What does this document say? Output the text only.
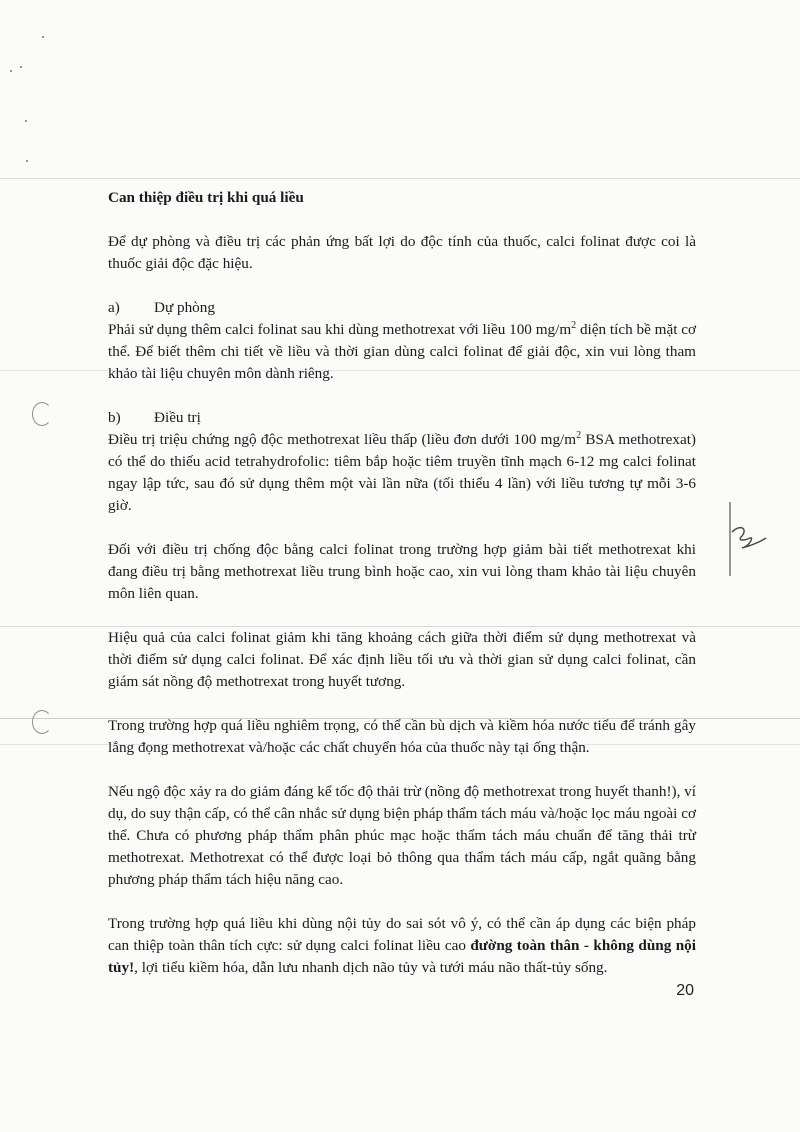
Can thiệp điều trị khi quá liều

Để dự phòng và điều trị các phản ứng bất lợi do độc tính của thuốc, calci folinat được coi là thuốc giải độc đặc hiệu.

a)	Dự phòng

Phải sử dụng thêm calci folinat sau khi dùng methotrexat với liều 100 $mg/m^2$ diện tích bề mặt cơ thể. Để biết thêm chi tiết về liều và thời gian dùng calci folinat để giải độc, xin vui lòng tham khảo tài liệu chuyên môn dành riêng.

b)	Điều trị

Điều trị triệu chứng ngộ độc methotrexat liều thấp (liều đơn dưới 100 $mg/m^2$ BSA methotrexat) có thể do thiếu acid tetrahydrofolic: tiêm bắp hoặc tiêm truyền tĩnh mạch 6-12 mg calci folinat ngay lập tức, sau đó sử dụng thêm một vài lần nữa (tối thiểu 4 lần) với liều tương tự mỗi 3-6 giờ.

Đối với điều trị chống độc bằng calci folinat trong trường hợp giảm bài tiết methotrexat khi đang điều trị bằng methotrexat liều trung bình hoặc cao, xin vui lòng tham khảo tài liệu chuyên môn liên quan.

Hiệu quả của calci folinat giảm khi tăng khoảng cách giữa thời điểm sử dụng methotrexat và thời điểm sử dụng calci folinat. Để xác định liều tối ưu và thời gian sử dụng calci folinat, cần giám sát nồng độ methotrexat trong huyết tương.

Trong trường hợp quá liều nghiêm trọng, có thể cần bù dịch và kiềm hóa nước tiểu để tránh gây lắng đọng methotrexat và/hoặc các chất chuyển hóa của thuốc này tại ống thận.

Nếu ngộ độc xảy ra do giảm đáng kể tốc độ thải trừ (nồng độ methotrexat trong huyết thanh!), ví dụ, do suy thận cấp, có thể cân nhắc sử dụng biện pháp thẩm tách máu và/hoặc lọc máu ngoài cơ thể. Chưa có phương pháp thẩm phân phúc mạc hoặc thẩm tách máu chuẩn để tăng thải trừ methotrexat. Methotrexat có thể được loại bỏ thông qua thẩm tách máu cấp, ngắt quãng bằng phương pháp thẩm tách hiệu năng cao.

Trong trường hợp quá liều khi dùng nội tủy do sai sót vô ý, có thể cần áp dụng các biện pháp can thiệp toàn thân tích cực: sử dụng calci folinat liều cao đường toàn thân - không dùng nội tủy!, lợi tiểu kiềm hóa, dẫn lưu nhanh dịch não tủy và tưới máu não thất-tủy sống.

20
